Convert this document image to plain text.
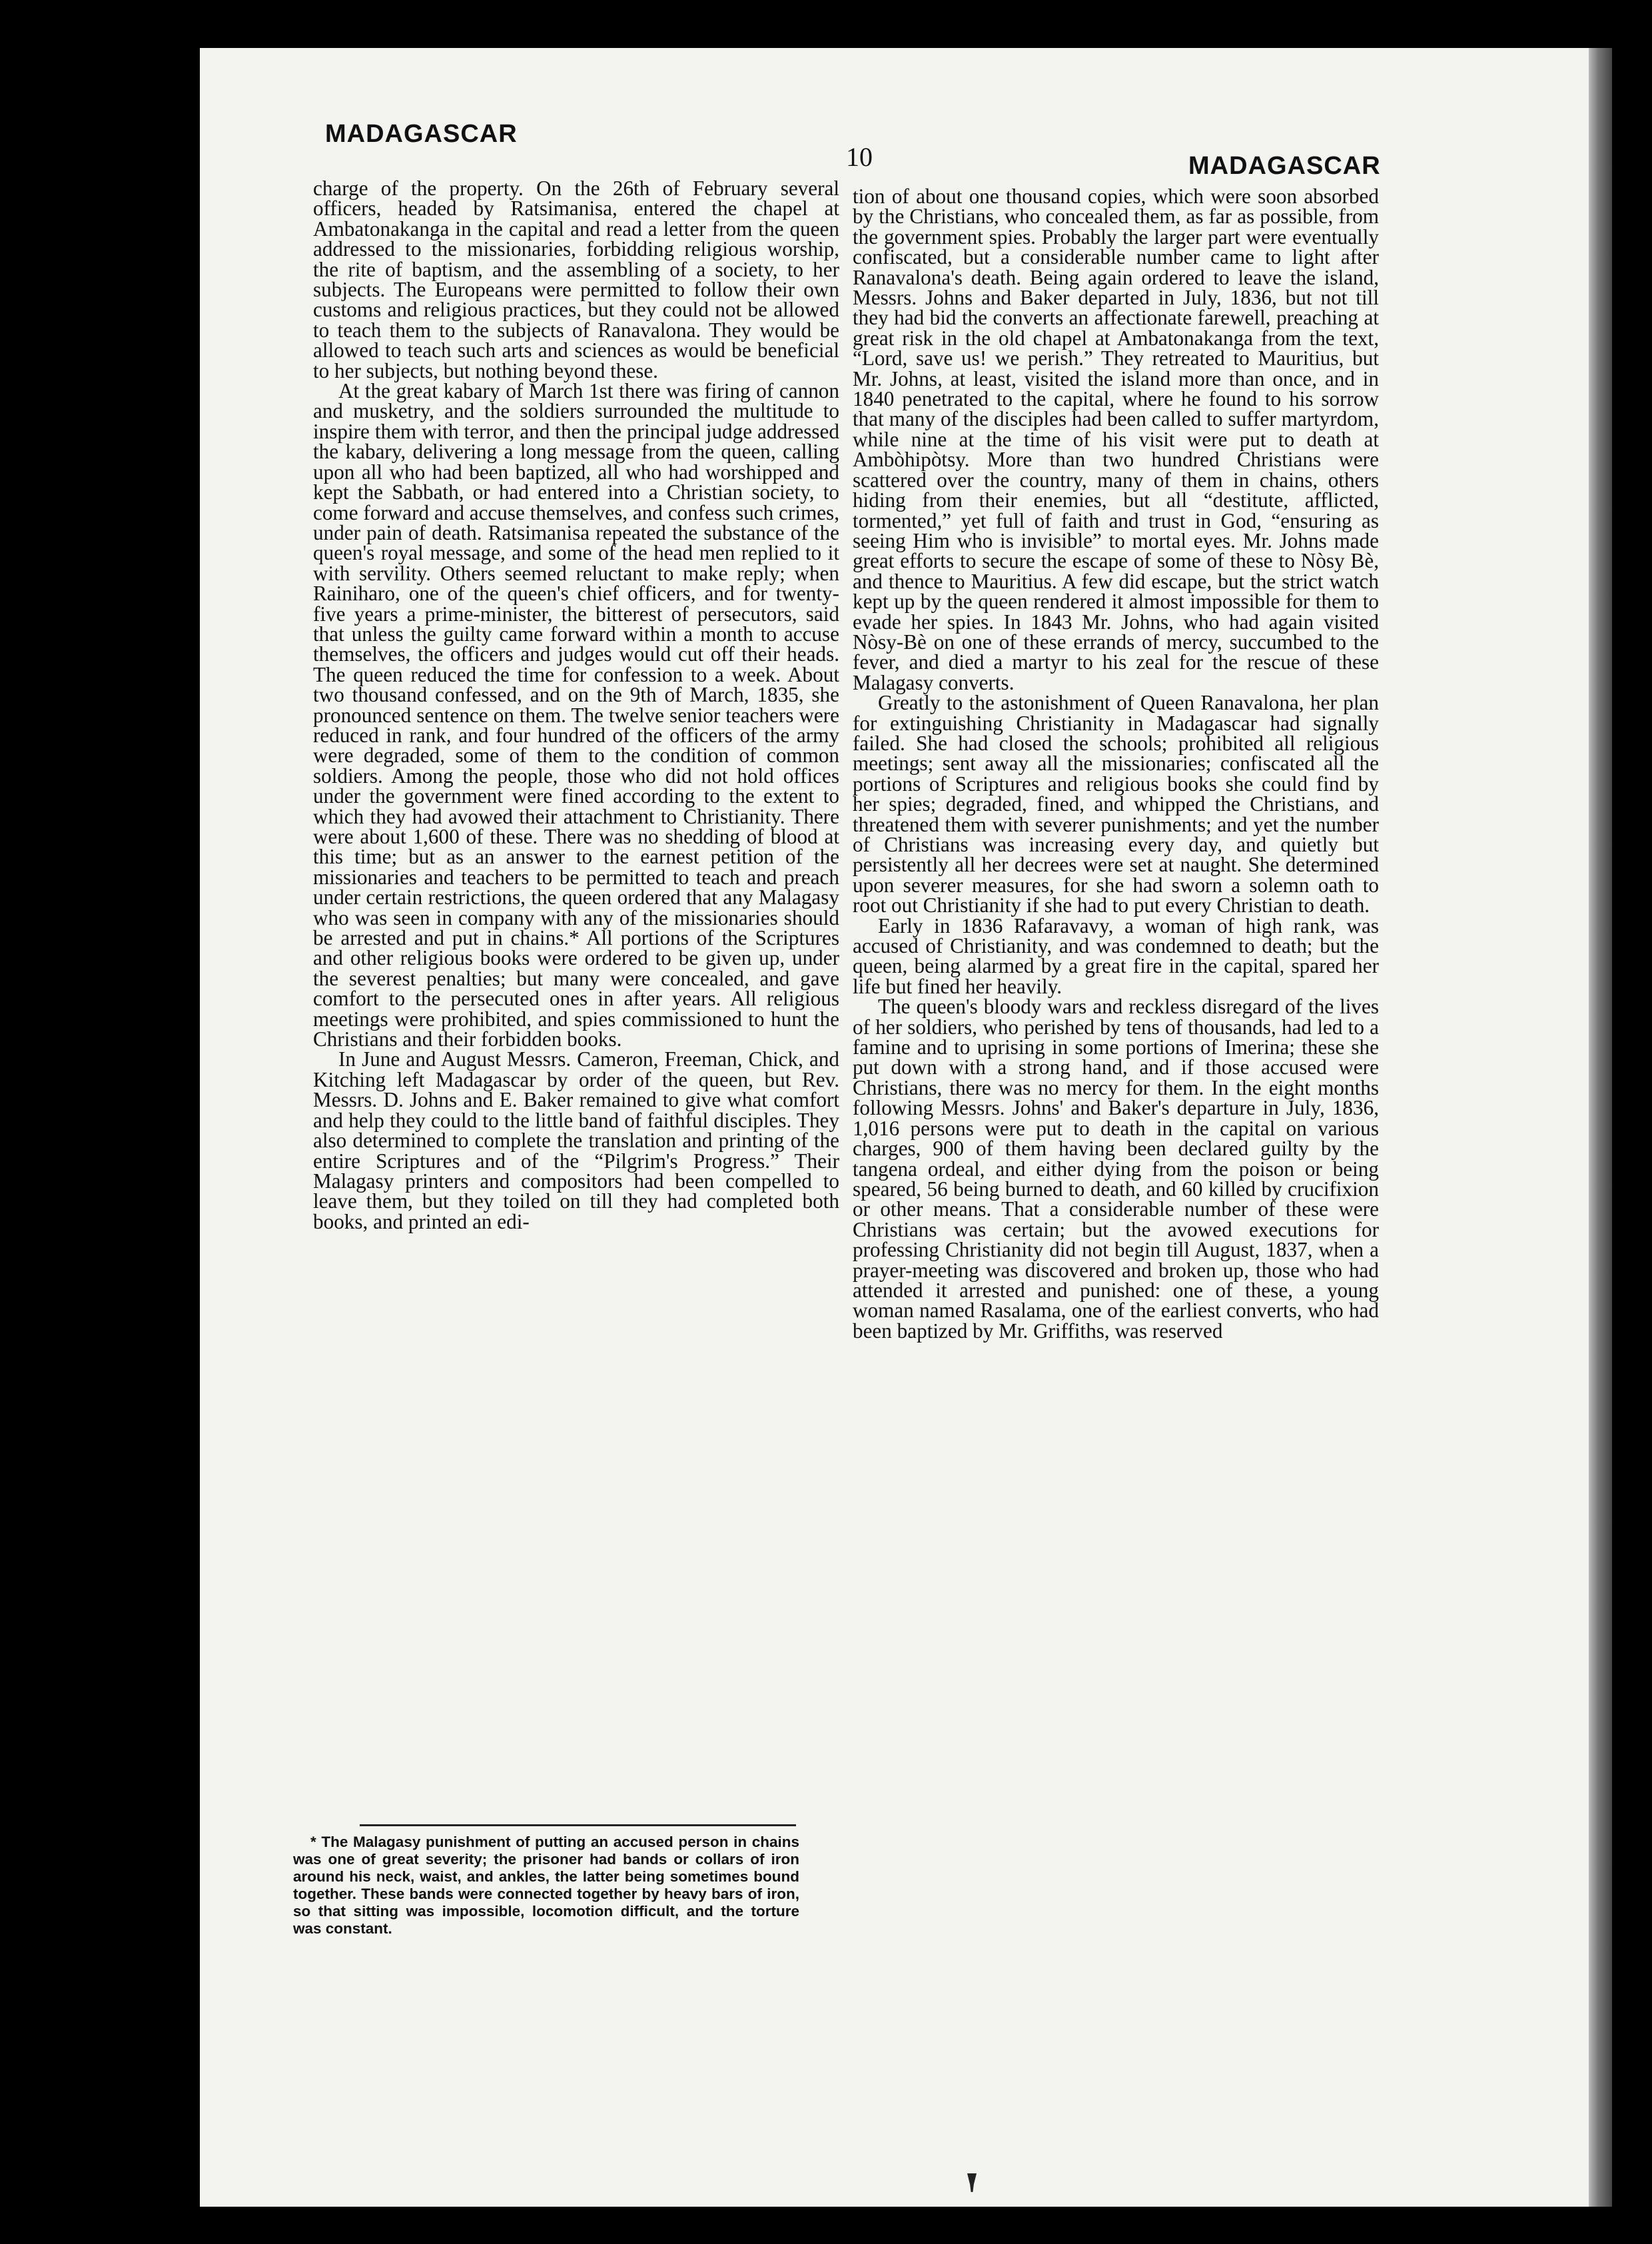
MADAGASCAR
10	MADAGASCAR

charge of the property. On the 26th of February several officers, headed by Ratsimanisa, entered the chapel at Ambatonakanga in the capital and read a letter from the queen addressed to the missionaries, forbidding religious worship, the rite of baptism, and the assembling of a society, to her subjects. The Europeans were permitted to follow their own customs and religious practices, but they could not be allowed to teach them to the subjects of Ranavalona. They would be allowed to teach such arts and sciences as would be beneficial to her subjects, but nothing beyond these.

At the great kabary of March 1st there was firing of cannon and musketry, and the soldiers surrounded the multitude to inspire them with terror, and then the principal judge addressed the kabary, delivering a long message from the queen, calling upon all who had been baptized, all who had worshipped and kept the Sabbath, or had entered into a Christian society, to come forward and accuse themselves, and confess such crimes, under pain of death. Ratsimanisa repeated the substance of the queen's royal message, and some of the head men replied to it with servility. Others seemed reluctant to make reply; when Rainiharo, one of the queen's chief officers, and for twenty-five years a prime-minister, the bitterest of persecutors, said that unless the guilty came forward within a month to accuse themselves, the officers and judges would cut off their heads. The queen reduced the time for confession to a week. About two thousand confessed, and on the 9th of March, 1835, she pronounced sentence on them. The twelve senior teachers were reduced in rank, and four hundred of the officers of the army were degraded, some of them to the condition of common soldiers. Among the people, those who did not hold offices under the government were fined according to the extent to which they had avowed their attachment to Christianity. There were about 1,600 of these. There was no shedding of blood at this time; but as an answer to the earnest petition of the missionaries and teachers to be permitted to teach and preach under certain restrictions, the queen ordered that any Malagasy who was seen in company with any of the missionaries should be arrested and put in chains.* All portions of the Scriptures and other religious books were ordered to be given up, under the severest penalties; but many were concealed, and gave comfort to the persecuted ones in after years. All religious meetings were prohibited, and spies commissioned to hunt the Christians and their forbidden books.

In June and August Messrs. Cameron, Freeman, Chick, and Kitching left Madagascar by order of the queen, but Rev. Messrs. D. Johns and E. Baker remained to give what comfort and help they could to the little band of faithful disciples. They also determined to complete the translation and printing of the entire Scriptures and of the “Pilgrim's Progress.” Their Malagasy printers and compositors had been compelled to leave them, but they toiled on till they had completed both books, and printed an edi-

* The Malagasy punishment of putting an accused person in chains was one of great severity; the prisoner had bands or collars of iron around his neck, waist, and ankles, the latter being sometimes bound together. These bands were connected together by heavy bars of iron, so that sitting was impossible, locomotion difficult, and the torture was constant.

tion of about one thousand copies, which were soon absorbed by the Christians, who concealed them, as far as possible, from the government spies. Probably the larger part were eventually confiscated, but a considerable number came to light after Ranavalona's death. Being again ordered to leave the island, Messrs. Johns and Baker departed in July, 1836, but not till they had bid the converts an affectionate farewell, preaching at great risk in the old chapel at Ambatonakanga from the text, “Lord, save us! we perish.” They retreated to Mauritius, but Mr. Johns, at least, visited the island more than once, and in 1840 penetrated to the capital, where he found to his sorrow that many of the disciples had been called to suffer martyrdom, while nine at the time of his visit were put to death at Ambòhipòtsy. More than two hundred Christians were scattered over the country, many of them in chains, others hiding from their enemies, but all “destitute, afflicted, tormented,” yet full of faith and trust in God, “ensuring as seeing Him who is invisible” to mortal eyes. Mr. Johns made great efforts to secure the escape of some of these to Nòsy Bè, and thence to Mauritius. A few did escape, but the strict watch kept up by the queen rendered it almost impossible for them to evade her spies. In 1843 Mr. Johns, who had again visited Nòsy-Bè on one of these errands of mercy, succumbed to the fever, and died a martyr to his zeal for the rescue of these Malagasy converts.

Greatly to the astonishment of Queen Ranavalona, her plan for extinguishing Christianity in Madagascar had signally failed. She had closed the schools; prohibited all religious meetings; sent away all the missionaries; confiscated all the portions of Scriptures and religious books she could find by her spies; degraded, fined, and whipped the Christians, and threatened them with severer punishments; and yet the number of Christians was increasing every day, and quietly but persistently all her decrees were set at naught. She determined upon severer measures, for she had sworn a solemn oath to root out Christianity if she had to put every Christian to death.

Early in 1836 Rafaravavy, a woman of high rank, was accused of Christianity, and was condemned to death; but the queen, being alarmed by a great fire in the capital, spared her life but fined her heavily.

The queen's bloody wars and reckless disregard of the lives of her soldiers, who perished by tens of thousands, had led to a famine and to uprising in some portions of Imerina; these she put down with a strong hand, and if those accused were Christians, there was no mercy for them. In the eight months following Messrs. Johns' and Baker's departure in July, 1836, 1,016 persons were put to death in the capital on various charges, 900 of them having been declared guilty by the tangena ordeal, and either dying from the poison or being speared, 56 being burned to death, and 60 killed by crucifixion or other means. That a considerable number of these were Christians was certain; but the avowed executions for professing Christianity did not begin till August, 1837, when a prayer-meeting was discovered and broken up, those who had attended it arrested and punished: one of these, a young woman named Rasalama, one of the earliest converts, who had been baptized by Mr. Griffiths, was reserved
